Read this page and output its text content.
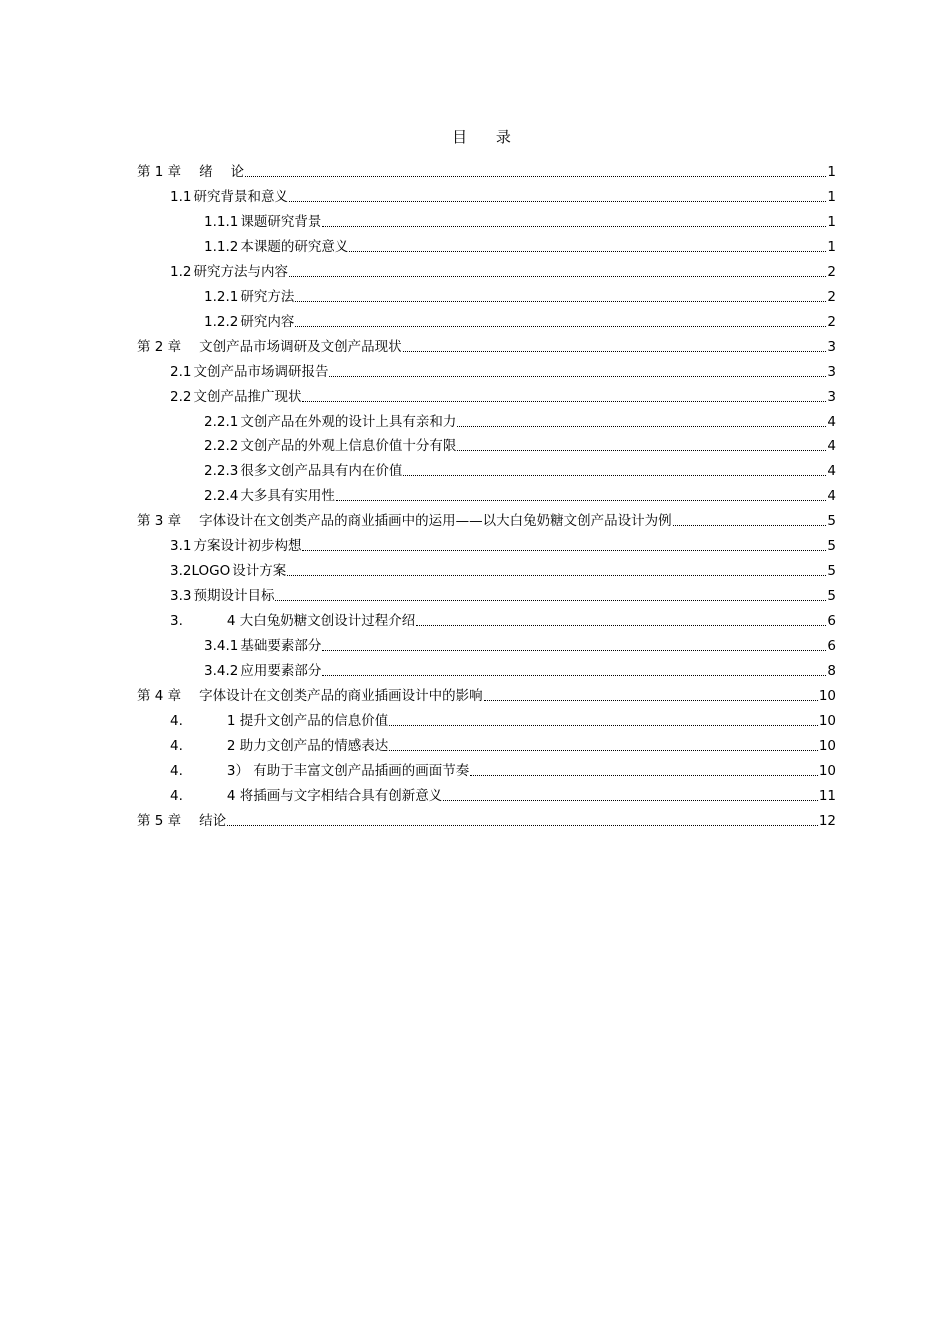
目 录
第 1 章 绪　 论	1
1.1 研究背景和意义	1
1.1.1 课题研究背景	1
1.1.2 本课题的研究意义	1
1.2 研究方法与内容	2
1.2.1 研究方法	2
1.2.2 研究内容	2
第 2 章 文创产品市场调研及文创产品现状	3
2.1 文创产品市场调研报告	3
2.2 文创产品推广现状	3
2.2.1 文创产品在外观的设计上具有亲和力	4
2.2.2 文创产品的外观上信息价值十分有限	4
2.2.3 很多文创产品具有内在价值	4
2.2.4 大多具有实用性	4
第 3 章 字体设计在文创类产品的商业插画中的运用——以大白兔奶糖文创产品设计为例	5
3.1 方案设计初步构想	5
3.2LOGO 设计方案	5
3.3 预期设计目标	5
3.	4 大白兔奶糖文创设计过程介绍	6
3.4.1 基础要素部分	6
3.4.2 应用要素部分	8
第 4 章 字体设计在文创类产品的商业插画设计中的影响	10
4.	1 提升文创产品的信息价值	10
4.	2 助力文创产品的情感表达	10
4.	3） 有助于丰富文创产品插画的画面节奏	10
4.	4 将插画与文字相结合具有创新意义	11
第 5 章 结论	12
